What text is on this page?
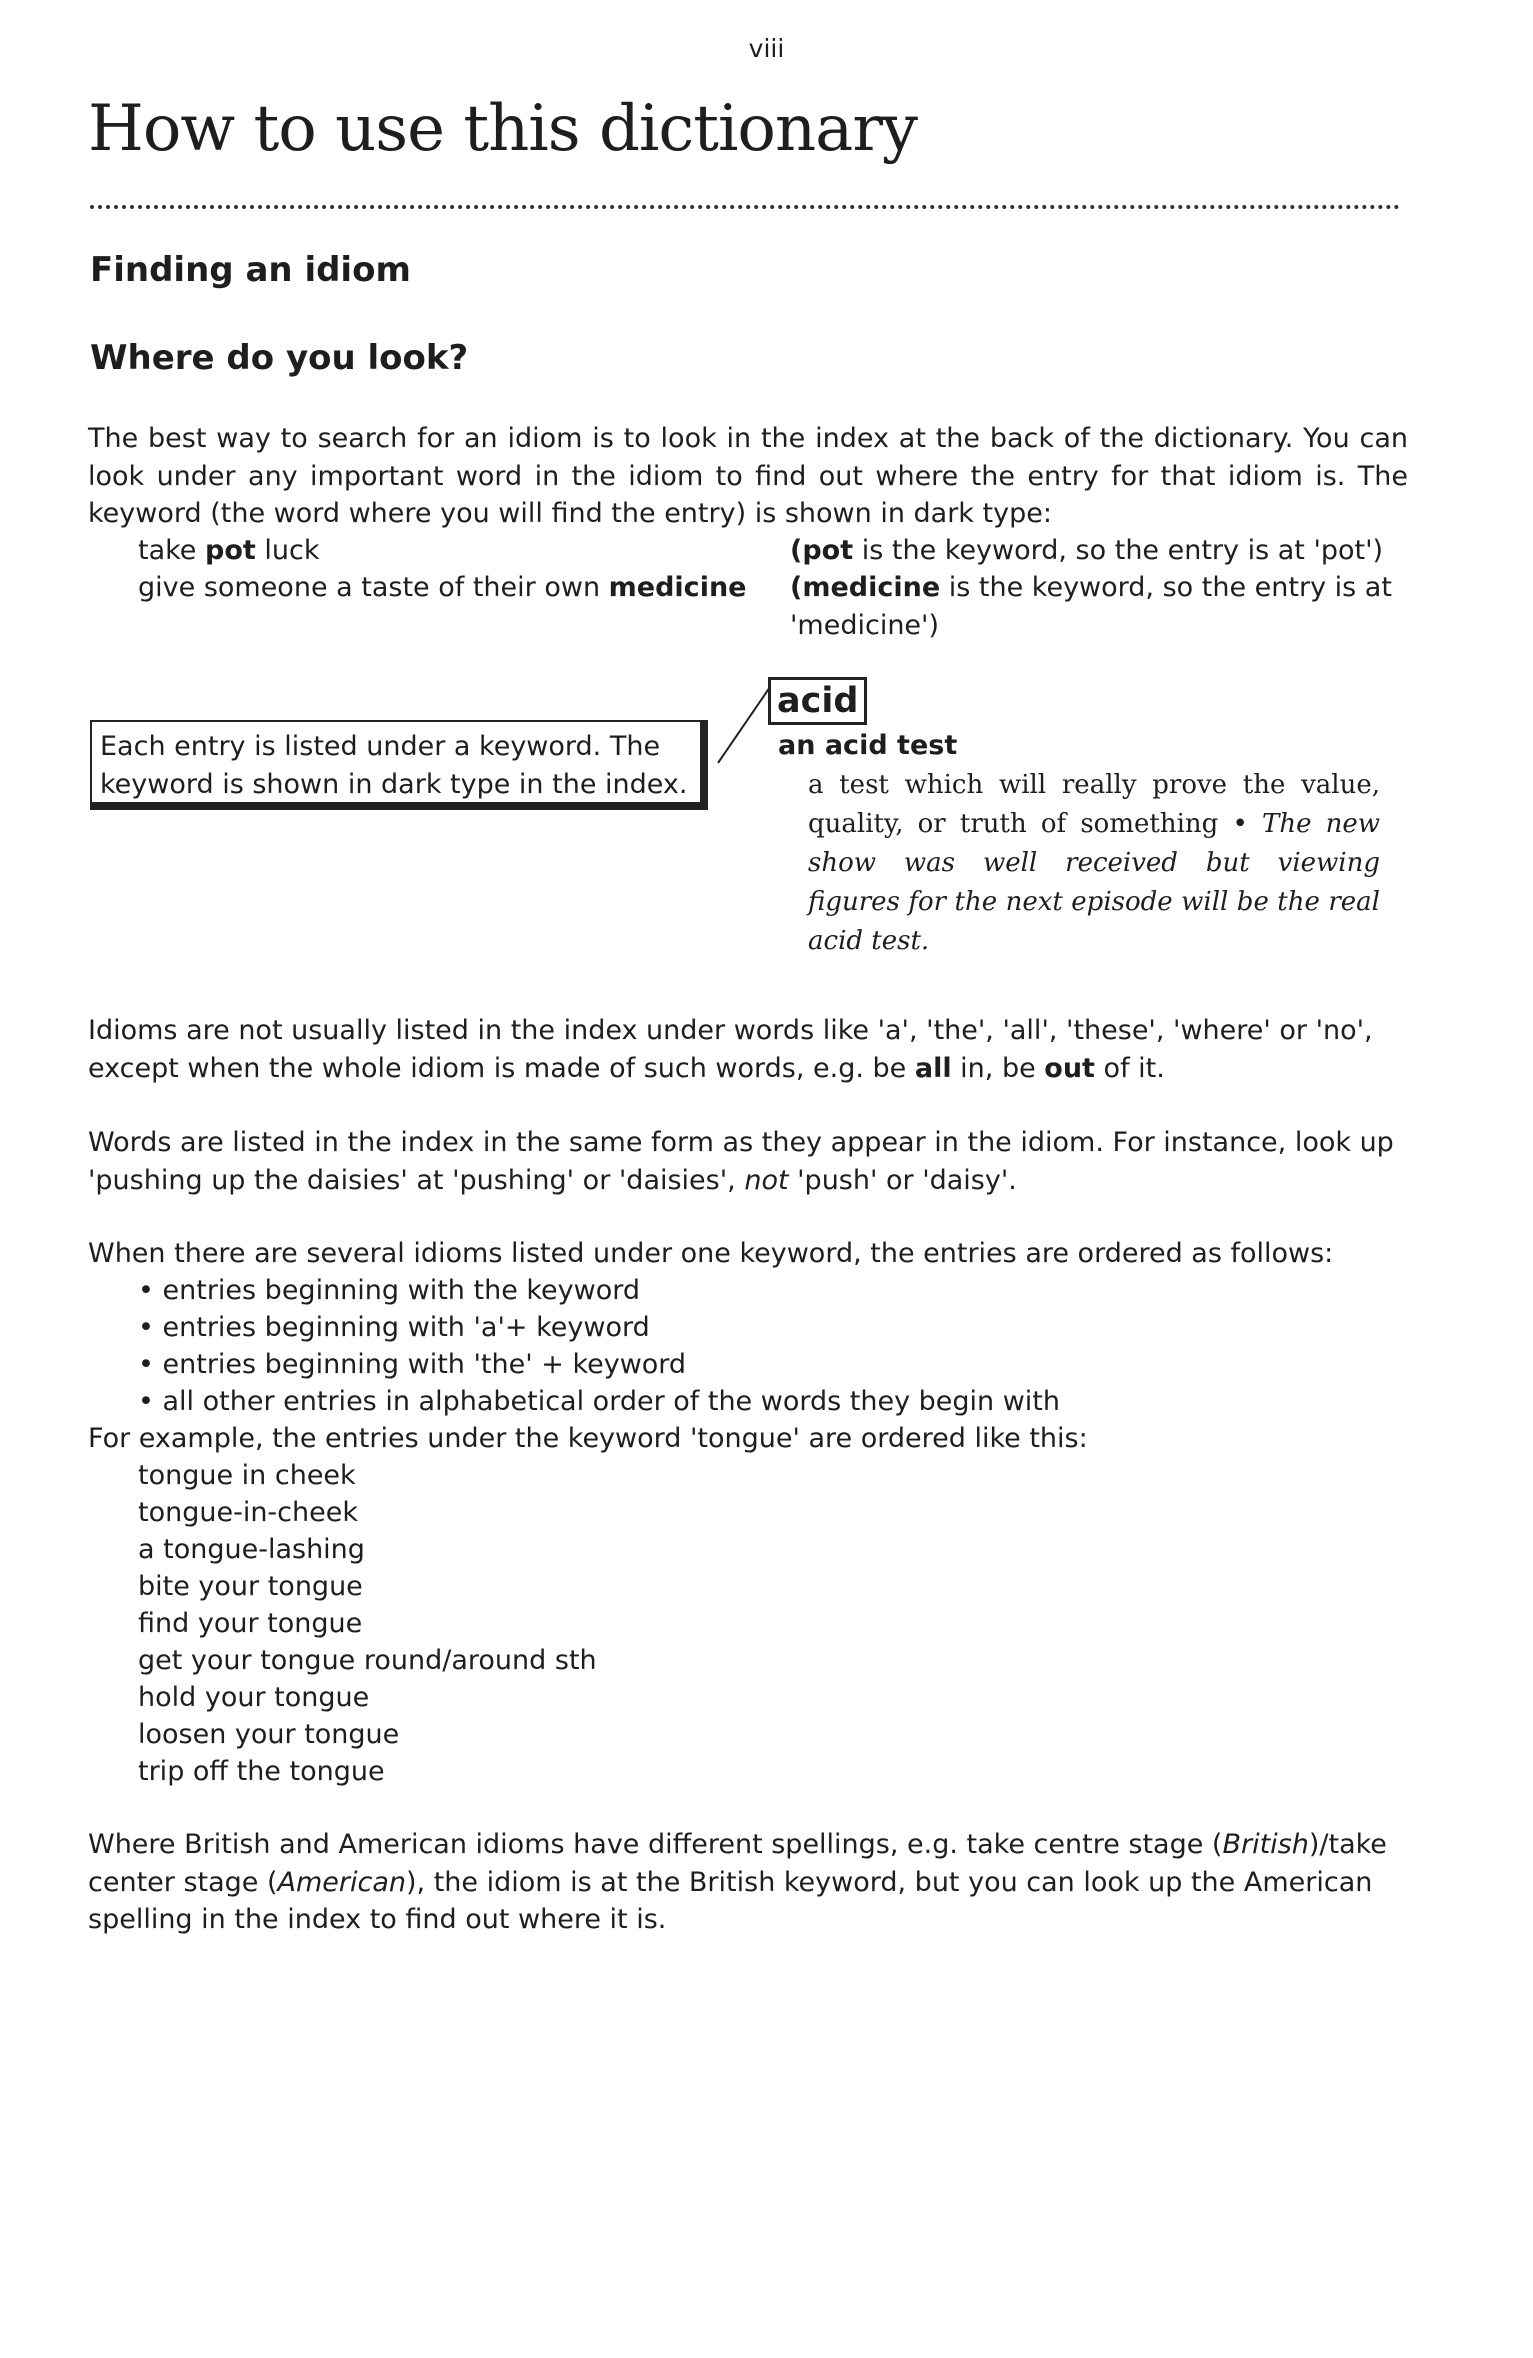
viii
How to use this dictionary
Finding an idiom
Where do you look?

The best way to search for an idiom is to look in the index at the back of the dictionary. You can look under any important word in the idiom to find out where the entry for that idiom is. The keyword (the word where you will find the entry) is shown in dark type:

take pot luck	(pot is the keyword, so the entry is at 'pot')
give someone a taste of their own medicine (medicine is the keyword, so the entry is at 'medicine')
Each entry is listed under a keyword. The keyword is shown in dark type in the index.
acid
an acid test
a test which will really prove the value, quality, or truth of something • The new show was well received but viewing figures for the next episode will be the real acid test.

Idioms are not usually listed in the index under words like 'a', 'the', 'all', 'these', 'where' or 'no', except when the whole idiom is made of such words, e.g. be all in, be out of it.

Words are listed in the index in the same form as they appear in the idiom. For instance, look up 'pushing up the daisies' at 'pushing' or 'daisies', not 'push' or 'daisy'.

When there are several idioms listed under one keyword, the entries are ordered as follows:

• entries beginning with the keyword
• entries beginning with 'a'+ keyword
• entries beginning with 'the' + keyword
• all other entries in alphabetical order of the words they begin with

For example, the entries under the keyword 'tongue' are ordered like this:

tongue in cheek
tongue-in-cheek
a tongue-lashing
bite your tongue
find your tongue
get your tongue round/around sth
hold your tongue
loosen your tongue
trip off the tongue

Where British and American idioms have different spellings, e.g. take centre stage (British)/take center stage (American), the idiom is at the British keyword, but you can look up the American spelling in the index to find out where it is.
